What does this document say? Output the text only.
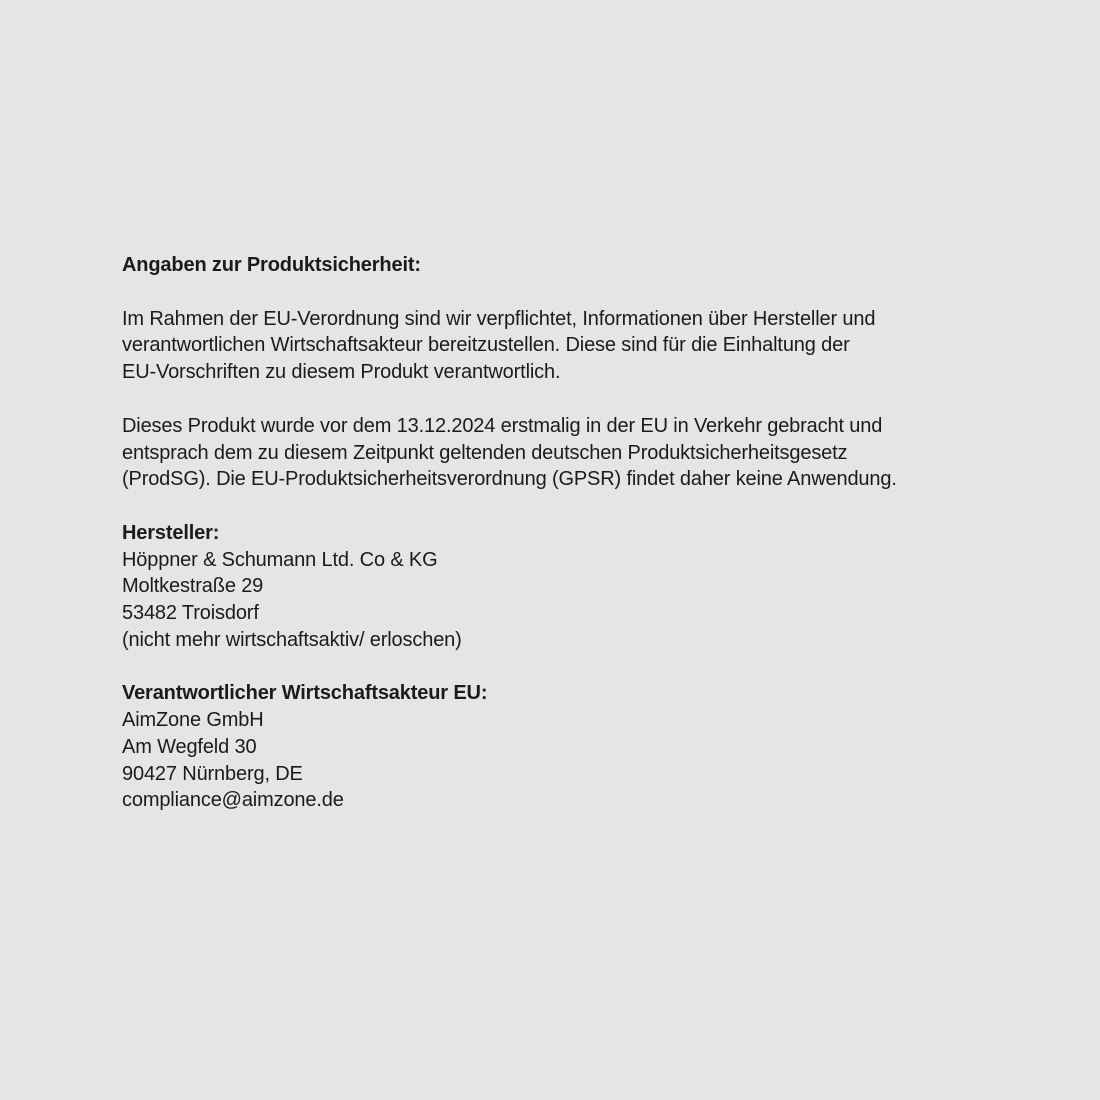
Angaben zur Produktsicherheit:
Im Rahmen der EU-Verordnung sind wir verpflichtet, Informationen über Hersteller und
verantwortlichen Wirtschaftsakteur bereitzustellen. Diese sind für die Einhaltung der
EU-Vorschriften zu diesem Produkt verantwortlich.
Dieses Produkt wurde vor dem 13.12.2024 erstmalig in der EU in Verkehr gebracht und
entsprach dem zu diesem Zeitpunkt geltenden deutschen Produktsicherheitsgesetz
(ProdSG). Die EU-Produktsicherheitsverordnung (GPSR) findet daher keine Anwendung.
Hersteller:
Höppner & Schumann Ltd. Co & KG
Moltkestraße 29
53482 Troisdorf
(nicht mehr wirtschaftsaktiv/ erloschen)
Verantwortlicher Wirtschaftsakteur EU:
AimZone GmbH
Am Wegfeld 30
90427 Nürnberg, DE
compliance@aimzone.de
